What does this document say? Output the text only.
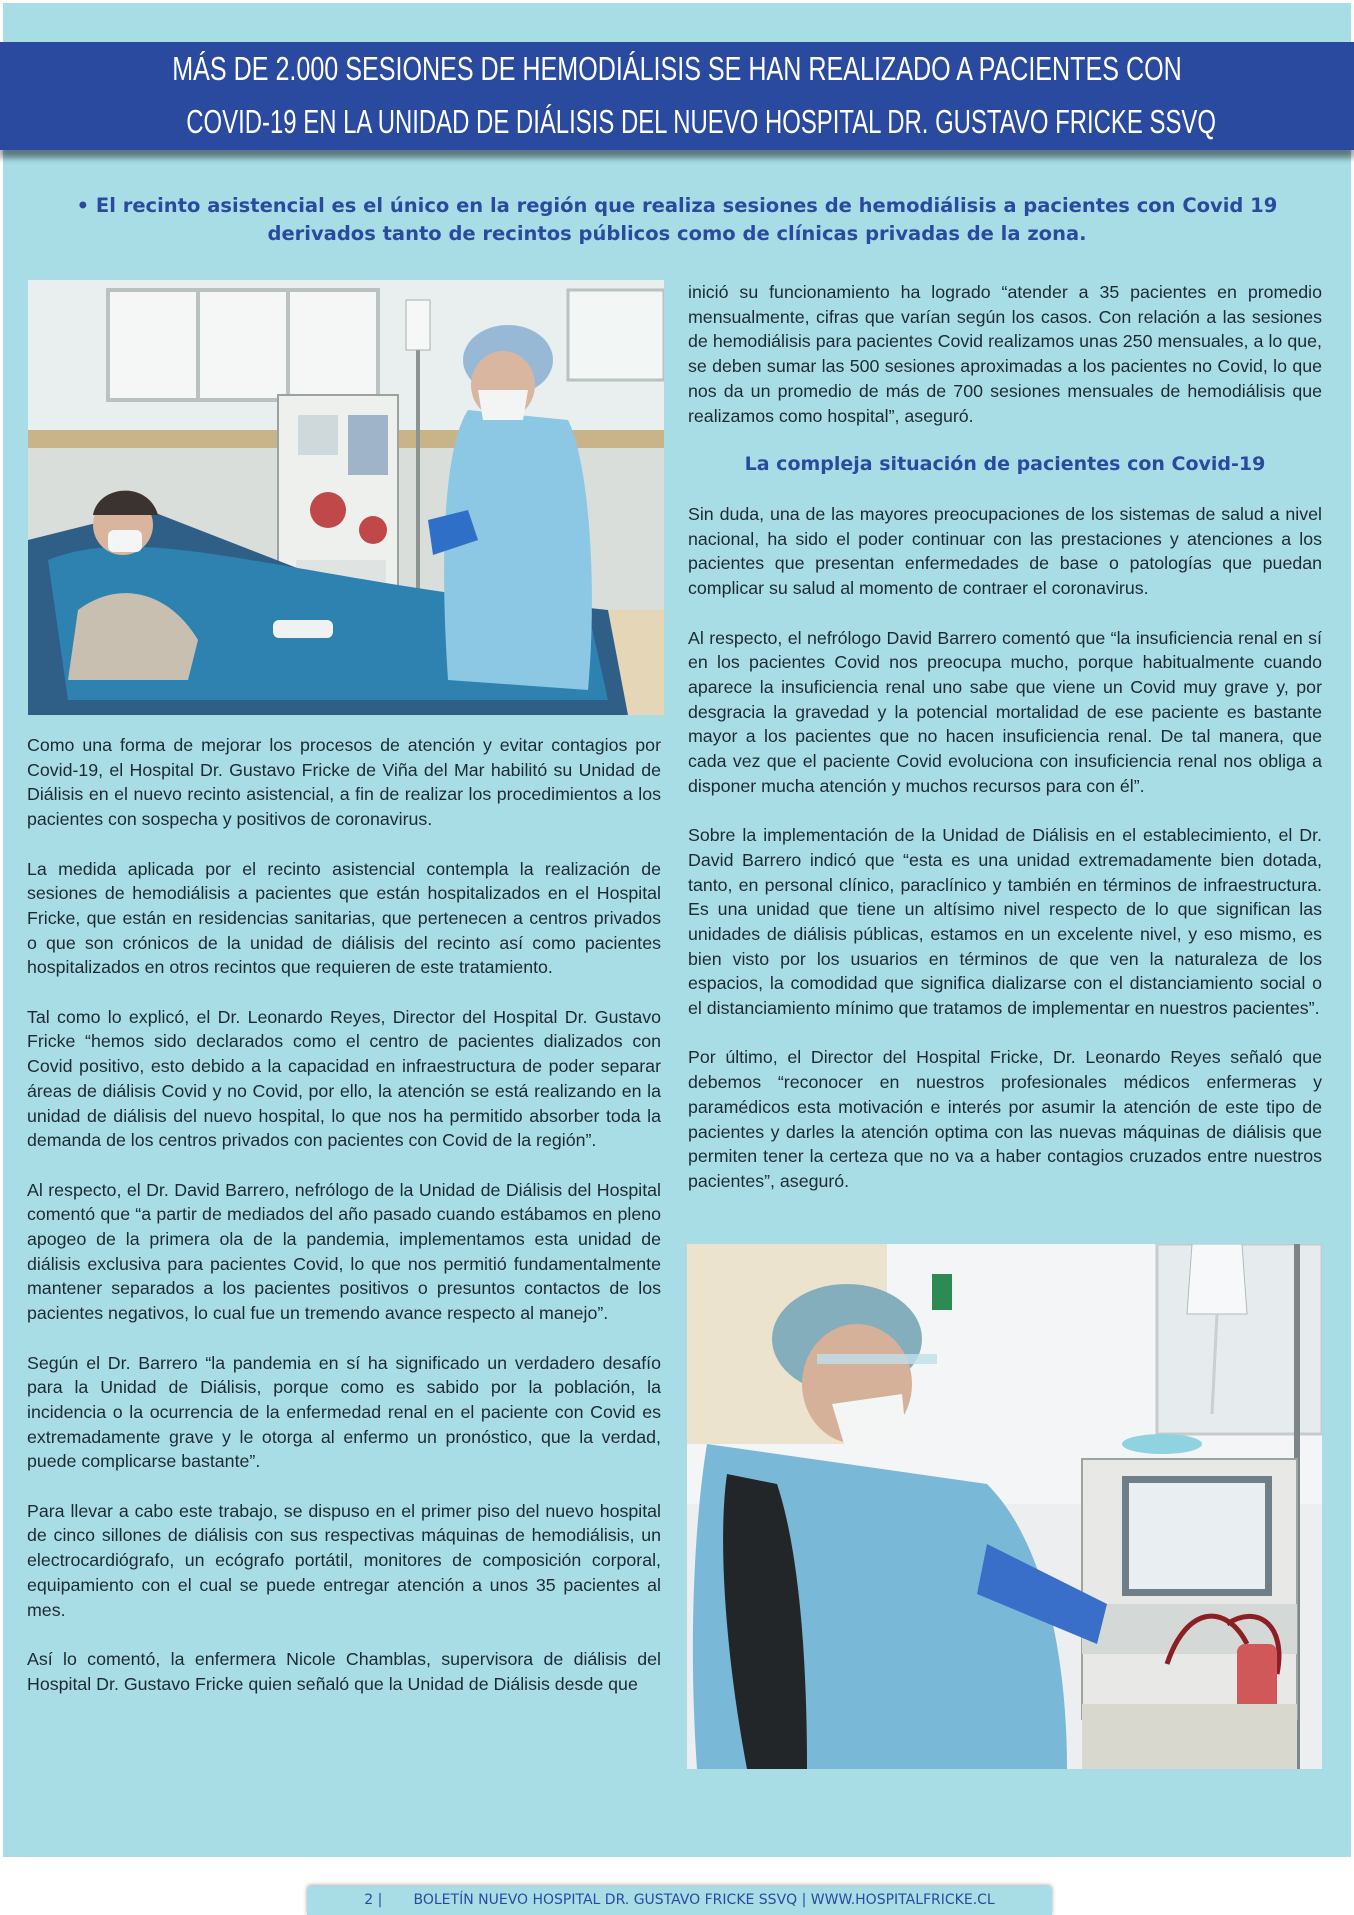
MÁS DE 2.000 SESIONES DE HEMODIÁLISIS SE HAN REALIZADO A PACIENTES CON
COVID-19 EN LA UNIDAD DE DIÁLISIS DEL NUEVO HOSPITAL DR. GUSTAVO FRICKE SSVQ
• El recinto asistencial es el único en la región que realiza sesiones de hemodiálisis a pacientes con Covid 19 derivados tanto de recintos públicos como de clínicas privadas de la zona.

inició su funcionamiento ha logrado “atender a 35 pacientes en promedio mensualmente, cifras que varían según los casos. Con relación a las sesiones de hemodiálisis para pacientes Covid realizamos unas 250 mensuales, a lo que, se deben sumar las 500 sesiones aproximadas a los pacientes no Covid, lo que nos da un promedio de más de 700 sesiones mensuales de hemodiálisis que realizamos como hospital”, aseguró.

La compleja situación de pacientes con Covid-19

Sin duda, una de las mayores preocupaciones de los sistemas de salud a nivel nacional, ha sido el poder continuar con las prestaciones y atenciones a los pacientes que presentan enfermedades de base o patologías que puedan complicar su salud al momento de contraer el coronavirus.

Al respecto, el nefrólogo David Barrero comentó que “la insuficiencia renal en sí en los pacientes Covid nos preocupa mucho, porque habitualmente cuando aparece la insuficiencia renal uno sabe que viene un Covid muy grave y, por desgracia la gravedad y la potencial mortalidad de ese paciente es bastante mayor a los pacientes que no hacen insuficiencia renal. De tal manera, que cada vez que el paciente Covid evoluciona con insuficiencia renal nos obliga a disponer mucha atención y muchos recursos para con él”.

Sobre la implementación de la Unidad de Diálisis en el establecimiento, el Dr. David Barrero indicó que “esta es una unidad extremadamente bien dotada, tanto, en personal clínico, paraclínico y también en términos de infraestructura. Es una unidad que tiene un altísimo nivel respecto de lo que significan las unidades de diálisis públicas, estamos en un excelente nivel, y eso mismo, es bien visto por los usuarios en términos de que ven la naturaleza de los espacios, la comodidad que significa dializarse con el distanciamiento social o el distanciamiento mínimo que tratamos de implementar en nuestros pacientes”.

Por último, el Director del Hospital Fricke, Dr. Leonardo Reyes señaló que debemos “reconocer en nuestros profesionales médicos enfermeras y paramédicos esta motivación e interés por asumir la atención de este tipo de pacientes y darles la atención optima con las nuevas máquinas de diálisis que permiten tener la certeza que no va a haber contagios cruzados entre nuestros pacientes”, aseguró.

Como una forma de mejorar los procesos de atención y evitar contagios por Covid-19, el Hospital Dr. Gustavo Fricke de Viña del Mar habilitó su Unidad de Diálisis en el nuevo recinto asistencial, a fin de realizar los procedimientos a los pacientes con sospecha y positivos de coronavirus.

La medida aplicada por el recinto asistencial contempla la realización de sesiones de hemodiálisis a pacientes que están hospitalizados en el Hospital Fricke, que están en residencias sanitarias, que pertenecen a centros privados o que son crónicos de la unidad de diálisis del recinto así como pacientes hospitalizados en otros recintos que requieren de este tratamiento.

Tal como lo explicó, el Dr. Leonardo Reyes, Director del Hospital Dr. Gustavo Fricke “hemos sido declarados como el centro de pacientes dializados con Covid positivo, esto debido a la capacidad en infraestructura de poder separar áreas de diálisis Covid y no Covid, por ello, la atención se está realizando en la unidad de diálisis del nuevo hospital, lo que nos ha permitido absorber toda la demanda de los centros privados con pacientes con Covid de la región”.

Al respecto, el Dr. David Barrero, nefrólogo de la Unidad de Diálisis del Hospital comentó que “a partir de mediados del año pasado cuando estábamos en pleno apogeo de la primera ola de la pandemia, implementamos esta unidad de diálisis exclusiva para pacientes Covid, lo que nos permitió fundamentalmente mantener separados a los pacientes positivos o presuntos contactos de los pacientes negativos, lo cual fue un tremendo avance respecto al manejo”.

Según el Dr. Barrero “la pandemia en sí ha significado un verdadero desafío para la Unidad de Diálisis, porque como es sabido por la población, la incidencia o la ocurrencia de la enfermedad renal en el paciente con Covid es extremadamente grave y le otorga al enfermo un pronóstico, que la verdad, puede complicarse bastante”.

Para llevar a cabo este trabajo, se dispuso en el primer piso del nuevo hospital de cinco sillones de diálisis con sus respectivas máquinas de hemodiálisis, un electrocardiógrafo, un ecógrafo portátil, monitores de composición corporal, equipamiento con el cual se puede entregar atención a unos 35 pacientes al mes.

Así lo comentó, la enfermera Nicole Chamblas, supervisora de diálisis del Hospital Dr. Gustavo Fricke quien señaló que la Unidad de Diálisis desde que

2 | BOLETÍN NUEVO HOSPITAL DR. GUSTAVO FRICKE SSVQ | WWW.HOSPITALFRICKE.CL
